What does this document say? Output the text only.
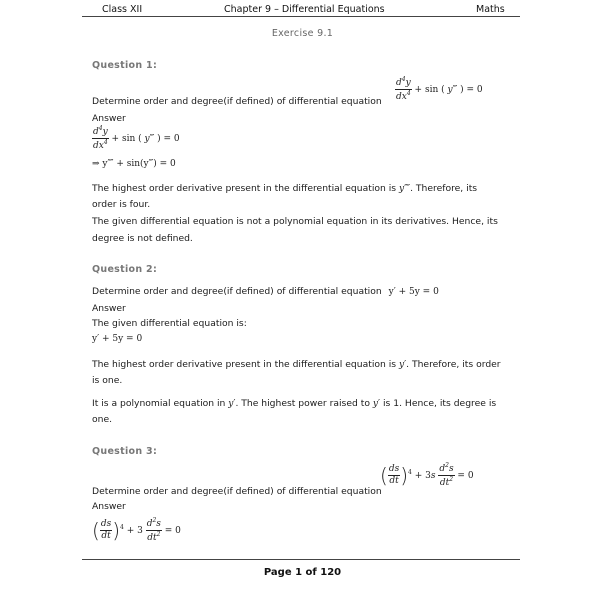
Class XII	Chapter 9 – Differential Equations	Maths
Exercise 9.1
Question 1:
$\frac{d^4y}{dx^4} + \sin$ ( y‴ ) = 0
Determine order and degree(if defined) of differential equation
Answer
$\frac{d^4y}{dx^4} + \sin$ ( y‴ ) = 0
⇒ y⁗ + sin(y‴) = 0
The highest order derivative present in the differential equation is y⁗. Therefore, its
order is four.
The given differential equation is not a polynomial equation in its derivatives. Hence, its
degree is not defined.
Question 2:
Determine order and degree(if defined) of differential equation y′ + 5y = 0
Answer
The given differential equation is:
y′ + 5y = 0
The highest order derivative present in the differential equation is y′. Therefore, its order
is one.
It is a polynomial equation in y′. The highest power raised to y′ is 1. Hence, its degree is
one.
Question 3:
( $\frac{ds}{dt} )^4 + 3s \frac{d^2s}{dt^2} = 0$
Determine order and degree(if defined) of differential equation
Answer
( $\frac{ds}{dt} )^4 + 3 \frac{d^2s}{dt^2} = 0$
Page 1 of 120
